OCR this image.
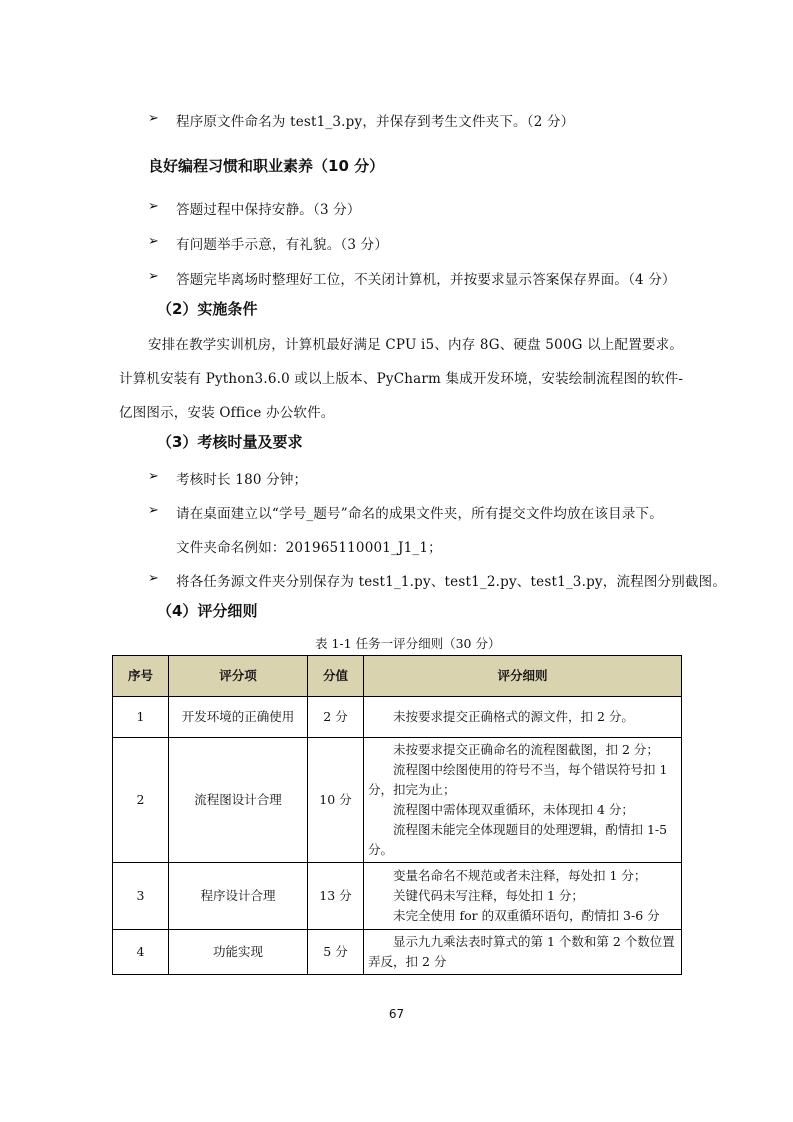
➢ 程序原文件命名为 test1_3.py，并保存到考生文件夹下。（2 分）
良好编程习惯和职业素养（10 分）
➢ 答题过程中保持安静。（3 分）
➢ 有问题举手示意，有礼貌。（3 分）
➢ 答题完毕离场时整理好工位，不关闭计算机，并按要求显示答案保存界面。（4 分）
（2）实施条件
安排在教学实训机房，计算机最好满足 CPU i5、内存 8G、硬盘 500G 以上配置要求。
计算机安装有 Python3.6.0 或以上版本、PyCharm 集成开发环境，安装绘制流程图的软件-
亿图图示，安装 Office 办公软件。
（3）考核时量及要求
➢ 考核时长 180 分钟；
➢ 请在桌面建立以“学号_题号”命名的成果文件夹，所有提交文件均放在该目录下。
文件夹命名例如：201965110001_J1_1；
➢ 将各任务源文件夹分别保存为 test1_1.py、test1_2.py、test1_3.py，流程图分别截图。
（4）评分细则
表 1-1 任务一评分细则（30 分）
序号	评分项	分值	评分细则
1	开发环境的正确使用	2 分	未按要求提交正确格式的源文件，扣 2 分。

2	流程图设计合理	10 分	未按要求提交正确命名的流程图截图，扣 2 分；
流程图中绘图使用的符号不当，每个错误符号扣 1 分，扣完为止；
流程图中需体现双重循环，未体现扣 4 分；
流程图未能完全体现题目的处理逻辑，酌情扣 1-5 分。

3	程序设计合理	13 分	变量名命名不规范或者未注释，每处扣 1 分；
关键代码未写注释，每处扣 1 分；
未完全使用 for 的双重循环语句，酌情扣 3-6 分

4	功能实现	5 分	显示九九乘法表时算式的第 1 个数和第 2 个数位置弄反，扣 2 分
67
